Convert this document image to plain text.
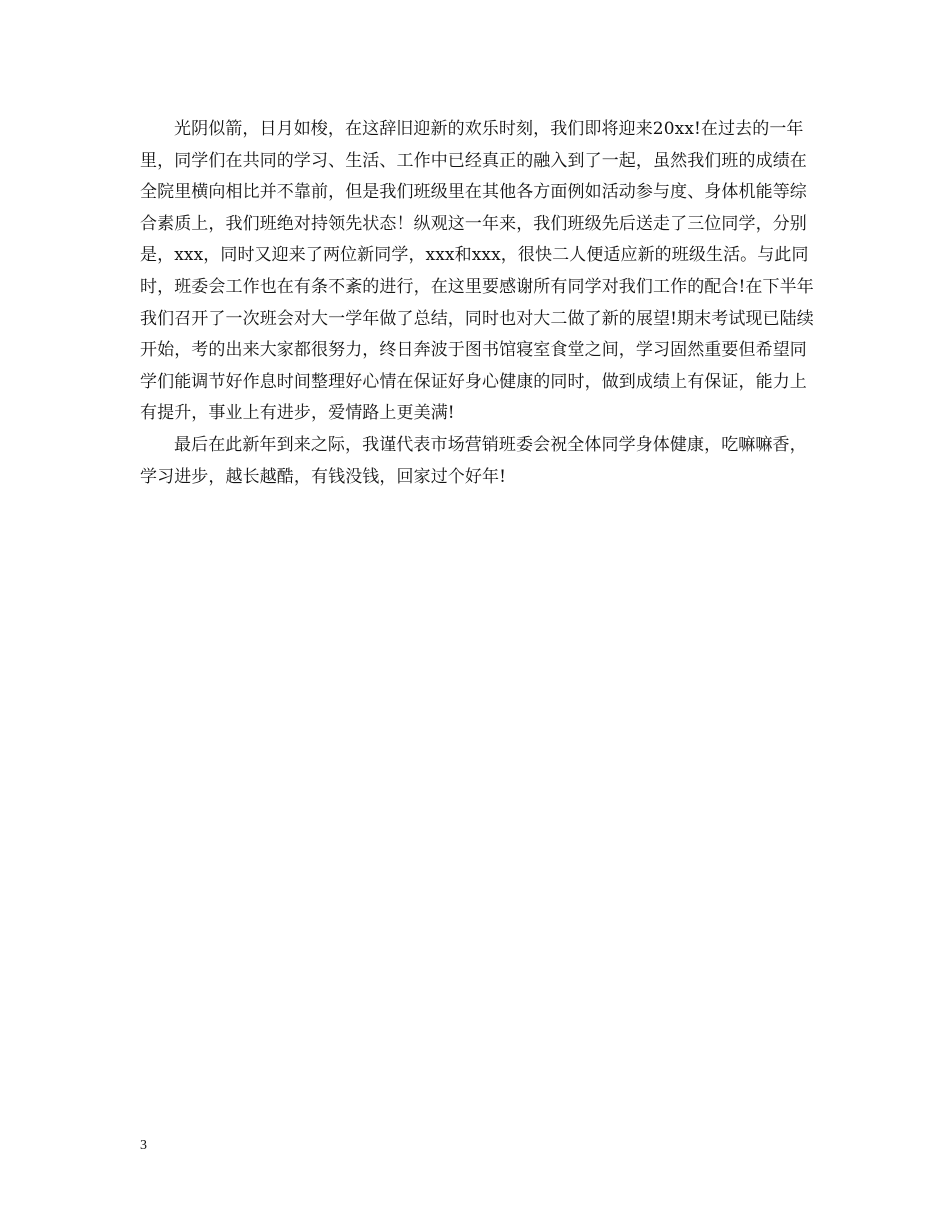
光阴似箭，日月如梭，在这辞旧迎新的欢乐时刻，我们即将迎来20xx!在过去的一年里，同学们在共同的学习、生活、工作中已经真正的融入到了一起，虽然我们班的成绩在全院里横向相比并不靠前，但是我们班级里在其他各方面例如活动参与度、身体机能等综合素质上，我们班绝对持领先状态！纵观这一年来，我们班级先后送走了三位同学，分别是，xxx，同时又迎来了两位新同学，xxx和xxx，很快二人便适应新的班级生活。与此同时，班委会工作也在有条不紊的进行，在这里要感谢所有同学对我们工作的配合!在下半年我们召开了一次班会对大一学年做了总结，同时也对大二做了新的展望!期末考试现已陆续开始，考的出来大家都很努力，终日奔波于图书馆寝室食堂之间，学习固然重要但希望同学们能调节好作息时间整理好心情在保证好身心健康的同时，做到成绩上有保证，能力上有提升，事业上有进步，爱情路上更美满!

最后在此新年到来之际，我谨代表市场营销班委会祝全体同学身体健康，吃嘛嘛香，学习进步，越长越酷，有钱没钱，回家过个好年!

3
